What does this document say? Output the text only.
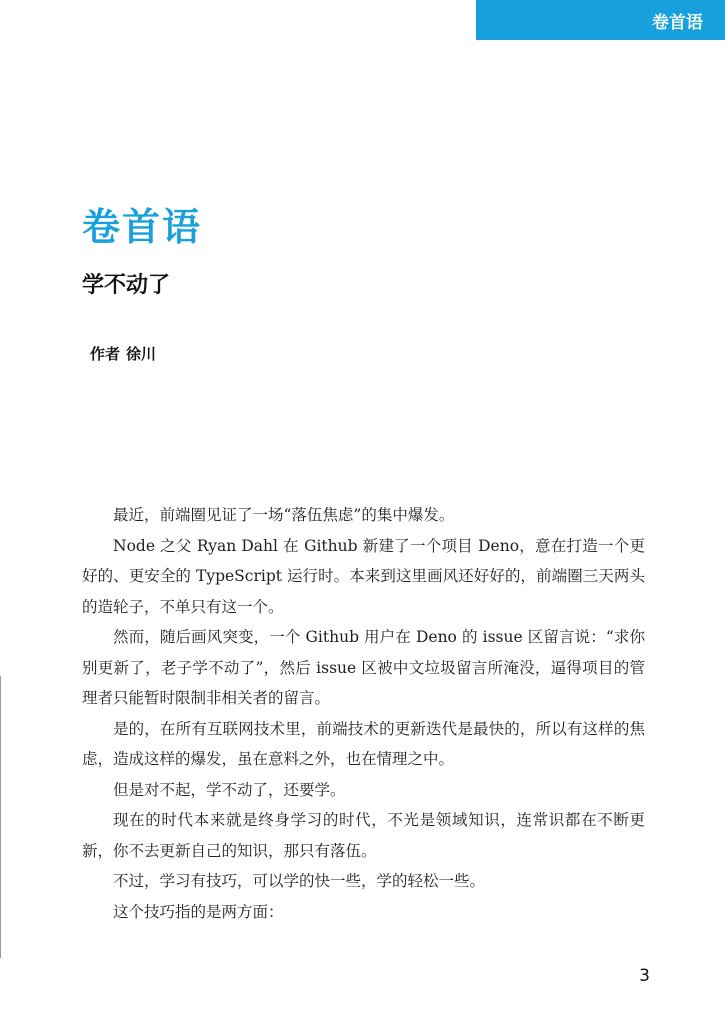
卷首语
卷首语
学不动了
作者 徐川

最近，前端圈见证了一场“落伍焦虑”的集中爆发。

Node 之父 Ryan Dahl 在 Github 新建了一个项目 Deno，意在打造一个更好的、更安全的 TypeScript 运行时。本来到这里画风还好好的，前端圈三天两头的造轮子，不单只有这一个。

然而，随后画风突变，一个 Github 用户在 Deno 的 issue 区留言说：“求你别更新了，老子学不动了”，然后 issue 区被中文垃圾留言所淹没，逼得项目的管理者只能暂时限制非相关者的留言。

是的，在所有互联网技术里，前端技术的更新迭代是最快的，所以有这样的焦虑，造成这样的爆发，虽在意料之外，也在情理之中。

但是对不起，学不动了，还要学。

现在的时代本来就是终身学习的时代，不光是领域知识，连常识都在不断更新，你不去更新自己的知识，那只有落伍。

不过，学习有技巧，可以学的快一些，学的轻松一些。

这个技巧指的是两方面：

3
